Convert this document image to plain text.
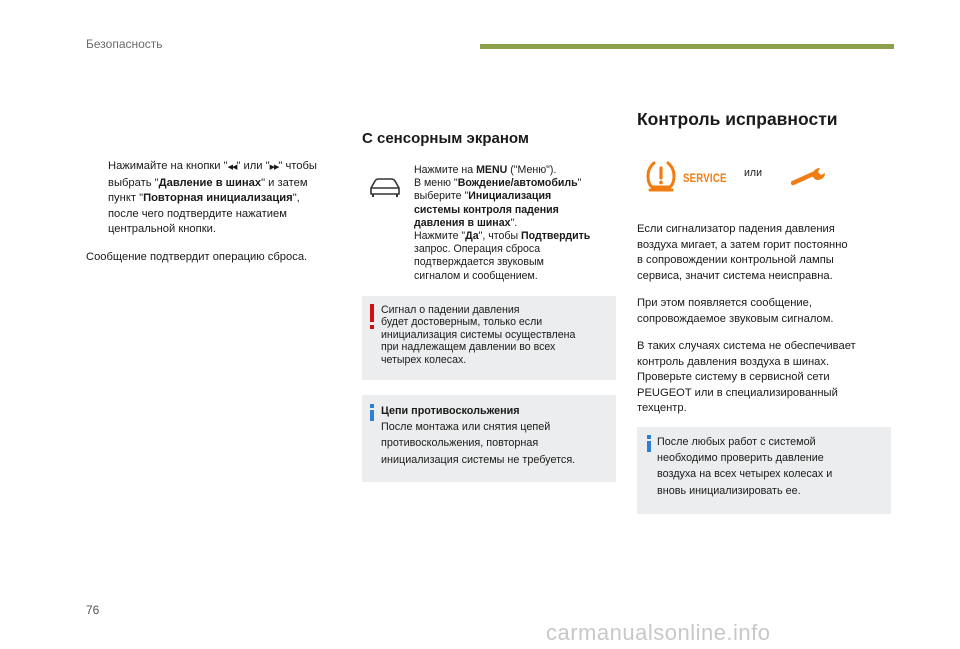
Безопасность
Нажимайте на кнопки "◀◀" или "▶▶" чтобы
выбрать "Давление в шинах" и затем
пункт "Повторная инициализация",
после чего подтвердите нажатием
центральной кнопки.
Сообщение подтвердит операцию сброса.
С сенсорным экраном
Нажмите на MENU ("Меню").
В меню "Вождение/автомобиль"
выберите "Инициализация
системы контроля падения
давления в шинах".
Нажмите "Да", чтобы Подтвердить
запрос. Операция сброса
подтверждается звуковым
сигналом и сообщением.
Сигнал о падении давления
будет достоверным, только если
инициализация системы осуществлена
при надлежащем давлении во всех
четырех колесах.
Цепи противоскольжения
После монтажа или снятия цепей
противоскольжения, повторная
инициализация системы не требуется.
Контроль исправности
SERVICE или
Если сигнализатор падения давления
воздуха мигает, а затем горит постоянно
в сопровождении контрольной лампы
сервиса, значит система неисправна.
При этом появляется сообщение,
сопровождаемое звуковым сигналом.
В таких случаях система не обеспечивает
контроль давления воздуха в шинах.
Проверьте систему в сервисной сети
PEUGEOT или в специализированный
техцентр.
После любых работ с системой
необходимо проверить давление
воздуха на всех четырех колесах и
вновь инициализировать ее.
76
carmanualsonline.info
